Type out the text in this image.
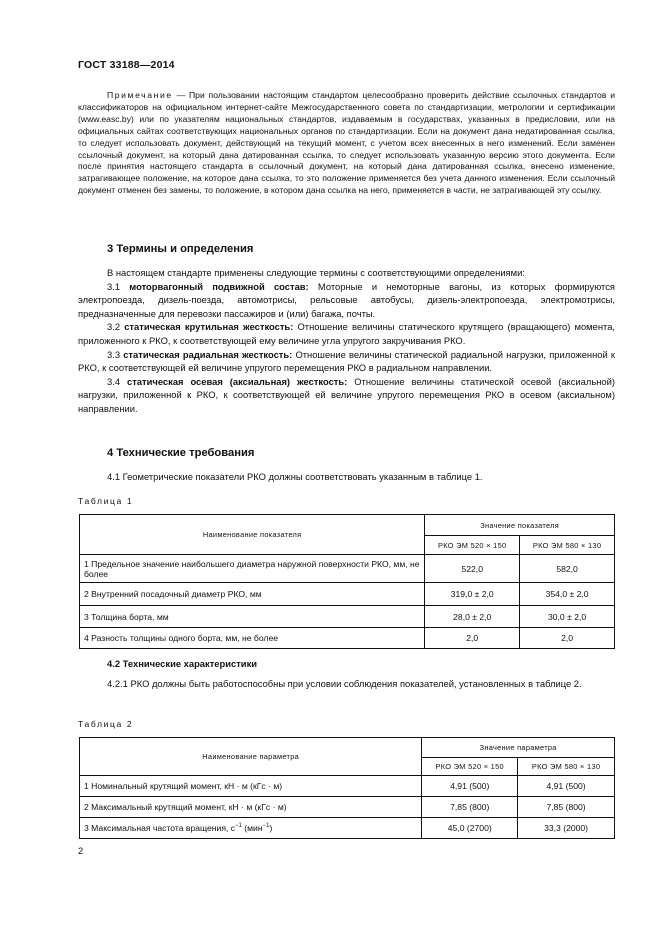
ГОСТ 33188—2014
Примечание — При пользовании настоящим стандартом целесообразно проверить действие ссылочных стандартов и классификаторов на официальном интернет-сайте Межгосударственного совета по стандартизации, метрологии и сертификации (www.easc.by) или по указателям национальных стандартов, издаваемым в государствах, указанных в предисловии, или на официальных сайтах соответствующих национальных органов по стандартизации. Если на документ дана недатированная ссылка, то следует использовать документ, действующий на текущий момент, с учетом всех внесенных в него изменений. Если заменен ссылочный документ, на который дана датированная ссылка, то следует использовать указанную версию этого документа. Если после принятия настоящего стандарта в ссылочный документ, на который дана датированная ссылка, внесено изменение, затрагивающее положение, на которое дана ссылка, то это положение применяется без учета данного изменения. Если ссылочный документ отменен без замены, то положение, в котором дана ссылка на него, применяется в части, не затрагивающей эту ссылку.
3 Термины и определения

В настоящем стандарте применены следующие термины с соответствующими определениями:

3.1 моторвагонный подвижной состав: Моторные и немоторные вагоны, из которых формируются электропоезда, дизель-поезда, автомотрисы, рельсовые автобусы, дизель-электропоезда, электромотрисы, предназначенные для перевозки пассажиров и (или) багажа, почты.

3.2 статическая крутильная жесткость: Отношение величины статического крутящего (вращающего) момента, приложенного к РКО, к соответствующей ему величине угла упругого закручивания РКО.

3.3 статическая радиальная жесткость: Отношение величины статической радиальной нагрузки, приложенной к РКО, к соответствующей ей величине упругого перемещения РКО в радиальном направлении.

3.4 статическая осевая (аксиальная) жесткость: Отношение величины статической осевой (аксиальной) нагрузки, приложенной к РКО, к соответствующей ей величине упругого перемещения РКО в осевом (аксиальном) направлении.

4 Технические требования

4.1 Геометрические показатели РКО должны соответствовать указанным в таблице 1.

Таблица 1
Наименование показателя	Значение показателя	
	РКО ЭМ 520 × 150	РКО ЭМ 580 × 130
1 Предельное значение наибольшего диаметра наружной поверхности РКО, мм, не более	522,0	582,0
2 Внутренний посадочный диаметр РКО, мм	319,0 ± 2,0	354,0 ± 2,0
3 Толщина борта, мм	28,0 ± 2,0	30,0 ± 2,0
4 Разность толщины одного борта, мм, не более	2,0	2,0

4.2 Технические характеристики

4.2.1 РКО должны быть работоспособны при условии соблюдения показателей, установленных в таблице 2.

Таблица 2
Наименование параметра	Значение параметра	
	РКО ЭМ 520 × 150	РКО ЭМ 580 × 130
1 Номинальный крутящий момент, кН · м (кГс · м)	4,91 (500)	4,91 (500)
2 Максимальный крутящий момент, кН · м (кГс · м)	7,85 (800)	7,85 (800)
3 Максимальная частота вращения, $с^{-1}$ (мин$^{-1}$)	45,0 (2700)	33,3 (2000)
2
